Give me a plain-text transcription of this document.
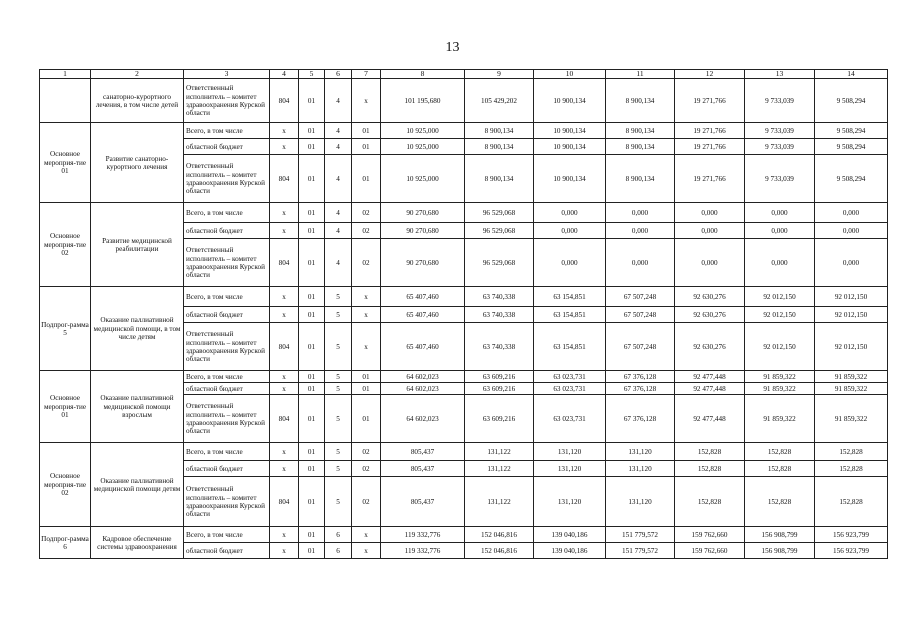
13
1	2	3	4	5	6	7	8	9	10	11	12	13	14
	санаторно-курортного лечения, в том числе детей	Ответственный исполнитель – комитет здравоохранения Курской области	804	01	4	х	101 195,680	105 429,202	10 900,134	8 900,134	19 271,766	9 733,039	9 508,294
Основное мероприя-тие 01	Развитие санаторно-курортного лечения	Всего, в том числе	х	01	4	01	10 925,000	8 900,134	10 900,134	8 900,134	19 271,766	9 733,039	9 508,294
		областной бюджет	х	01	4	01	10 925,000	8 900,134	10 900,134	8 900,134	19 271,766	9 733,039	9 508,294
		Ответственный исполнитель – комитет здравоохранения Курской области	804	01	4	01	10 925,000	8 900,134	10 900,134	8 900,134	19 271,766	9 733,039	9 508,294
Основное мероприя-тие 02	Развитие медицинской реабилитации	Всего, в том числе	х	01	4	02	90 270,680	96 529,068	0,000	0,000	0,000	0,000	0,000
		областной бюджет	х	01	4	02	90 270,680	96 529,068	0,000	0,000	0,000	0,000	0,000
		Ответственный исполнитель – комитет здравоохранения Курской области	804	01	4	02	90 270,680	96 529,068	0,000	0,000	0,000	0,000	0,000
Подпрог-рамма 5	Оказание паллиативной медицинской помощи, в том числе детям	Всего, в том числе	х	01	5	х	65 407,460	63 740,338	63 154,851	67 507,248	92 630,276	92 012,150	92 012,150
		областной бюджет	х	01	5	х	65 407,460	63 740,338	63 154,851	67 507,248	92 630,276	92 012,150	92 012,150
		Ответственный исполнитель – комитет здравоохранения Курской области	804	01	5	х	65 407,460	63 740,338	63 154,851	67 507,248	92 630,276	92 012,150	92 012,150
Основное мероприя-тие 01	Оказание паллиативной медицинской помощи взрослым	Всего, в том числе	х	01	5	01	64 602,023	63 609,216	63 023,731	67 376,128	92 477,448	91 859,322	91 859,322
		областной бюджет	х	01	5	01	64 602,023	63 609,216	63 023,731	67 376,128	92 477,448	91 859,322	91 859,322
		Ответственный исполнитель – комитет здравоохранения Курской области	804	01	5	01	64 602,023	63 609,216	63 023,731	67 376,128	92 477,448	91 859,322	91 859,322
Основное мероприя-тие 02	Оказание паллиативной медицинской помощи детям	Всего, в том числе	х	01	5	02	805,437	131,122	131,120	131,120	152,828	152,828	152,828
		областной бюджет	х	01	5	02	805,437	131,122	131,120	131,120	152,828	152,828	152,828
		Ответственный исполнитель – комитет здравоохранения Курской области	804	01	5	02	805,437	131,122	131,120	131,120	152,828	152,828	152,828
Подпрог-рамма 6	Кадровое обеспечение системы здравоохранения	Всего, в том числе	х	01	6	х	119 332,776	152 046,816	139 040,186	151 779,572	159 762,660	156 908,799	156 923,799
		областной бюджет	х	01	6	х	119 332,776	152 046,816	139 040,186	151 779,572	159 762,660	156 908,799	156 923,799
